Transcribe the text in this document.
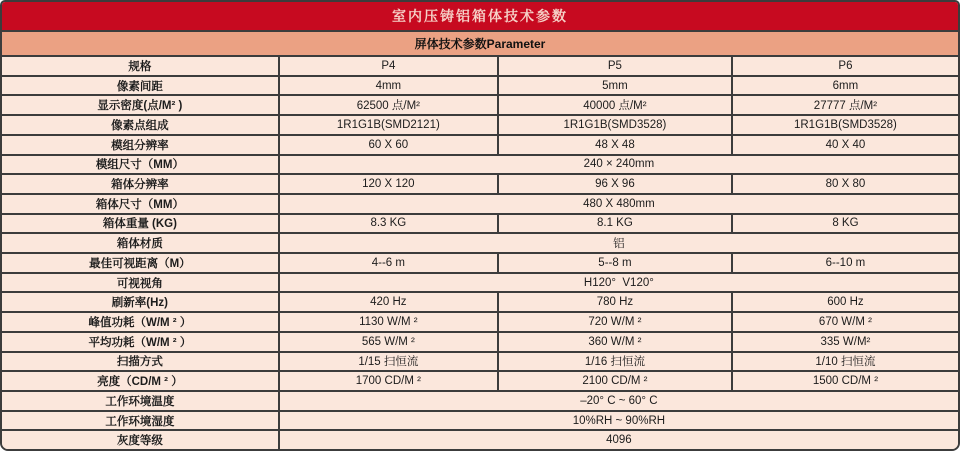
室内压铸铝箱体技术参数
屏体技术参数Parameter
规格	P4	P5	P6
像素间距	4mm	5mm	6mm
显示密度(点/M² )	62500 点/M²	40000 点/M²	27777 点/M²
像素点组成	1R1G1B(SMD2121)	1R1G1B(SMD3528)	1R1G1B(SMD3528)
模组分辨率	60 X 60	48 X 48	40 X 40
模组尺寸（MM）	240 × 240mm
箱体分辨率	120 X 120	96 X 96	80 X 80
箱体尺寸（MM）	480 X 480mm
箱体重量 (KG)	8.3 KG	8.1 KG	8 KG
箱体材质	铝
最佳可视距离（M）	4--6 m	5--8 m	6--10 m
可视视角	H120°  V120°
刷新率(Hz)	420 Hz	780 Hz	600 Hz
峰值功耗（W/M ² ）	1130 W/M ²	720 W/M ²	670 W/M ²
平均功耗（W/M ² ）	565 W/M ²	360 W/M ²	335 W/M²
扫描方式	1/15 扫恒流	1/16 扫恒流	1/10 扫恒流
亮度（CD/M ² ）	1700 CD/M ²	2100 CD/M ²	1500 CD/M ²
工作环境温度	–20° C ~ 60° C
工作环境湿度	10%RH ~ 90%RH
灰度等级	4096
